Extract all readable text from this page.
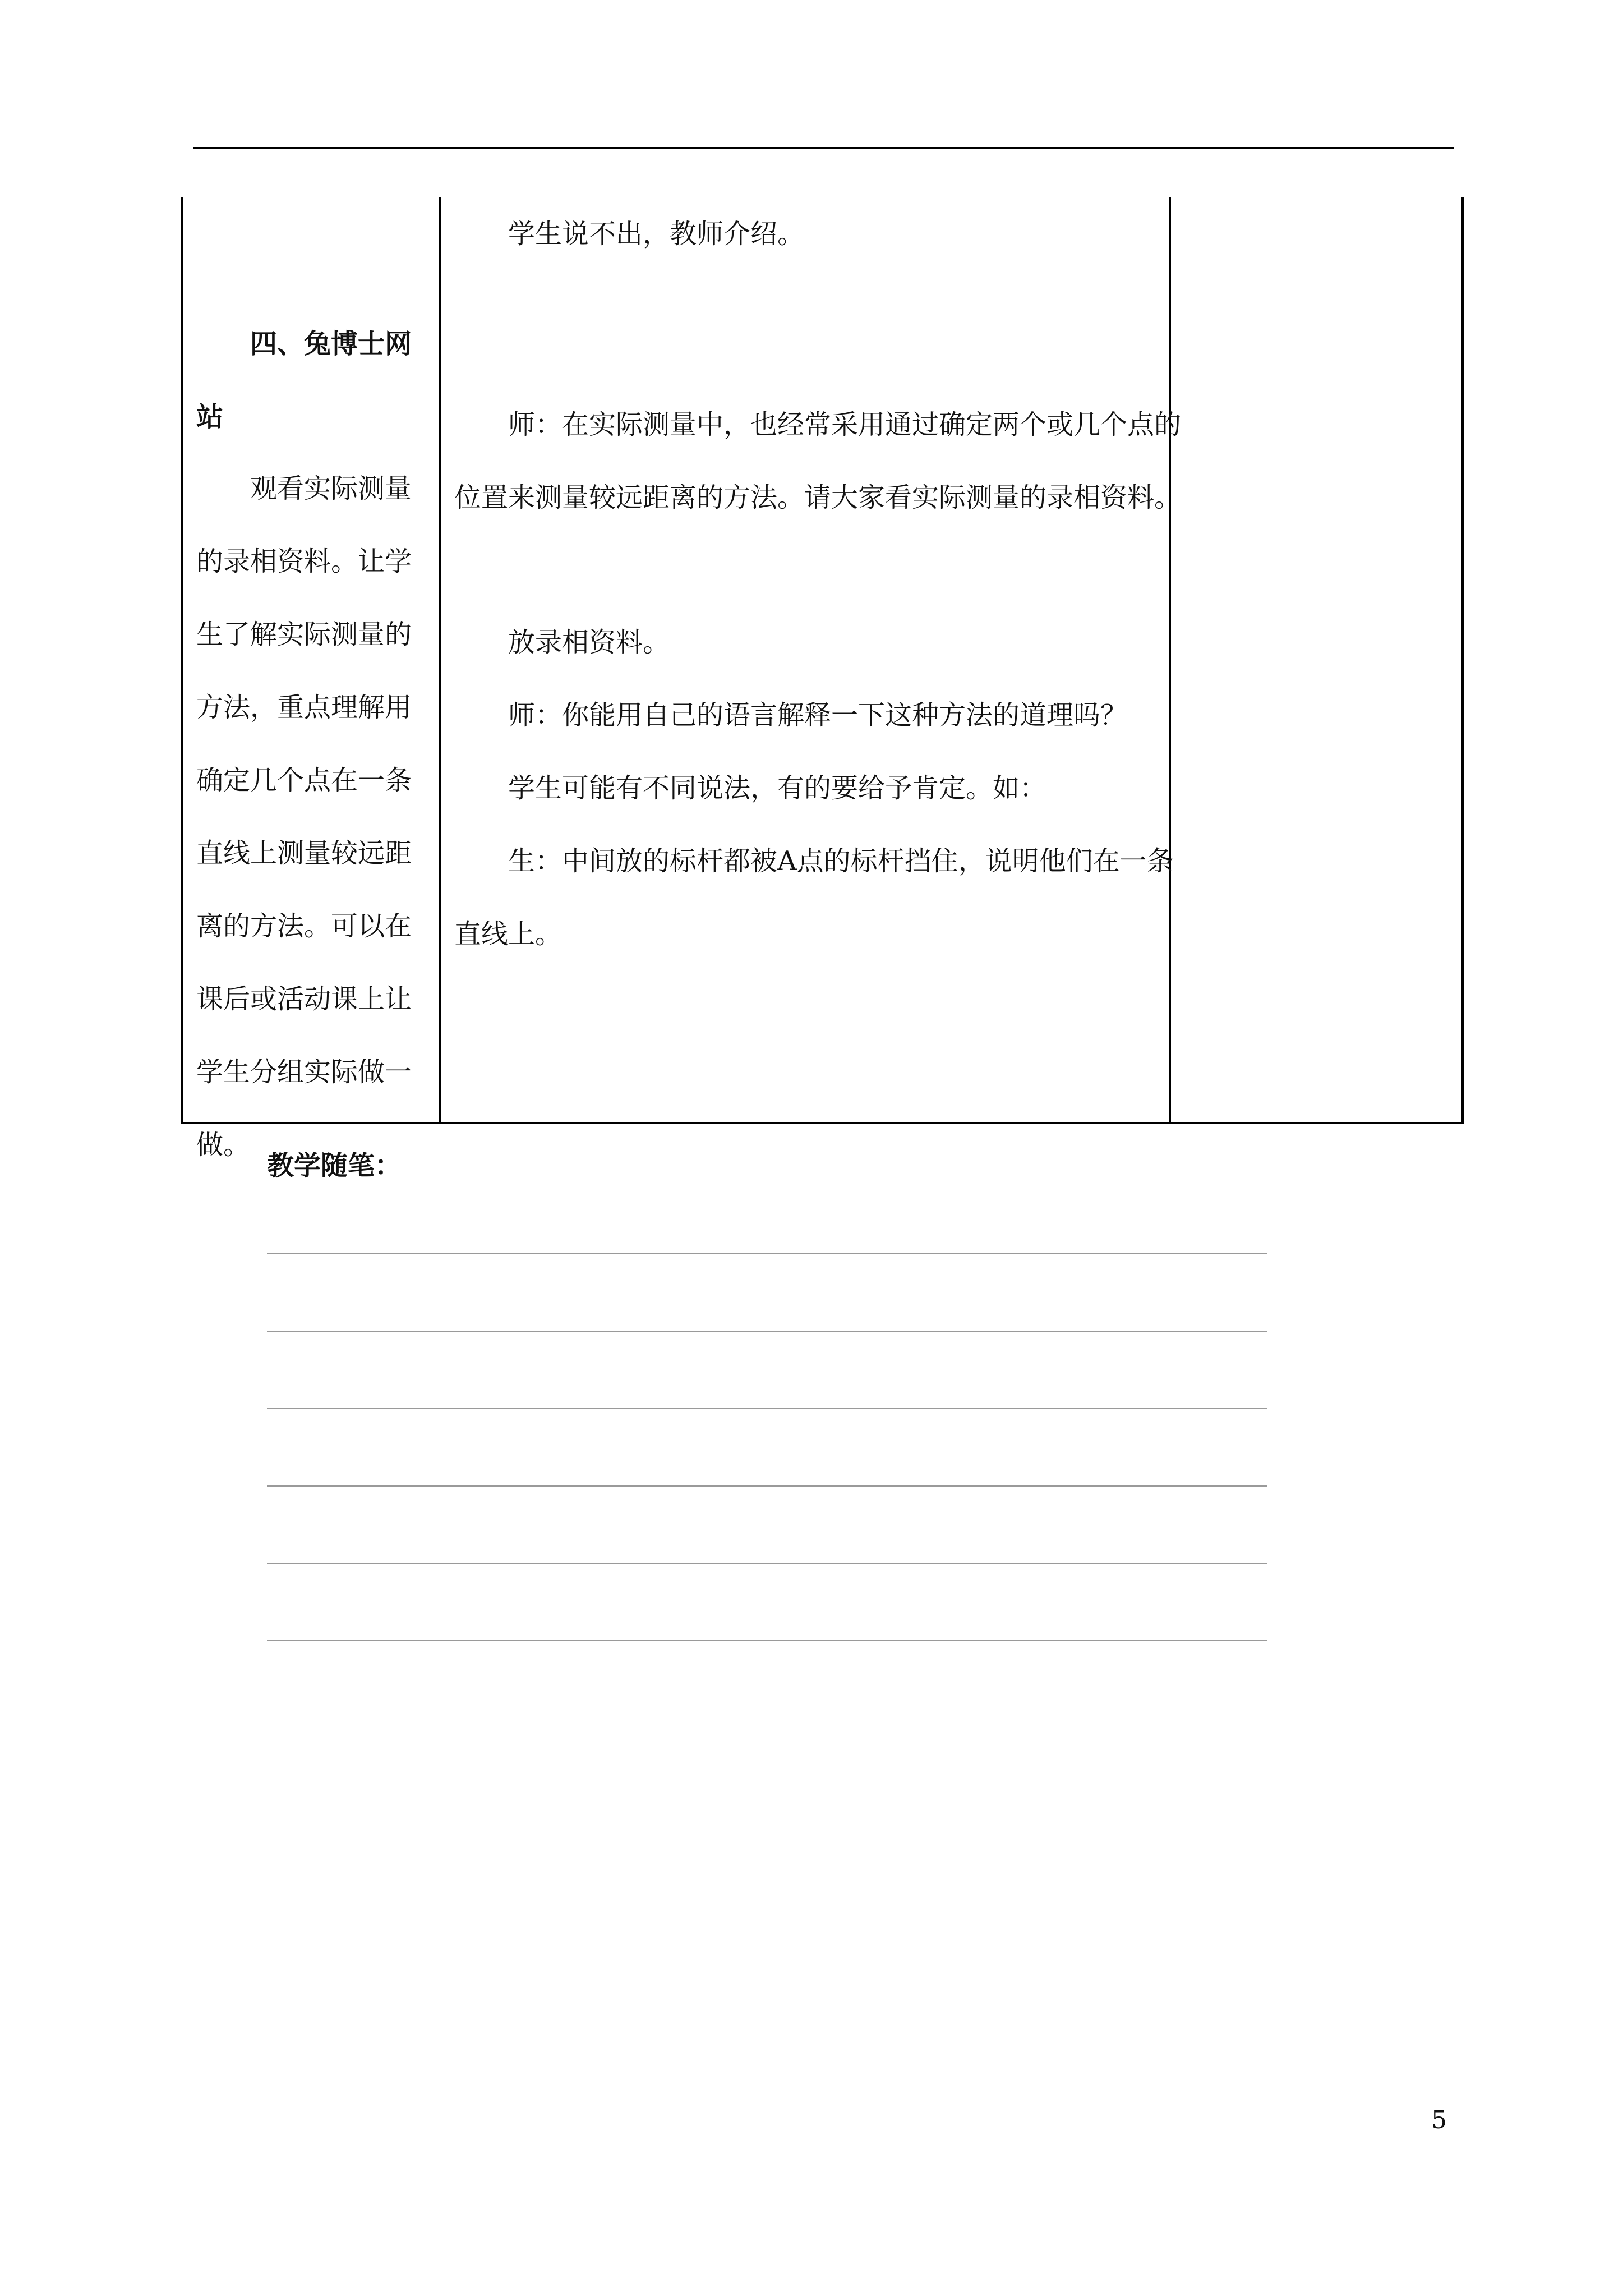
四、兔博士网站

观看实际测量的录相资料。让学生了解实际测量的方法，重点理解用确定几个点在一条直线上测量较远距离的方法。可以在课后或活动课上让学生分组实际做一做。

学生说不出，教师介绍。

师：在实际测量中，也经常采用通过确定两个或几个点的位置来测量较远距离的方法。请大家看实际测量的录相资料。

放录相资料。

师：你能用自己的语言解释一下这种方法的道理吗？

学生可能有不同说法，有的要给予肯定。如：

生：中间放的标杆都被A点的标杆挡住，说明他们在一条直线上。

教学随笔：

5
